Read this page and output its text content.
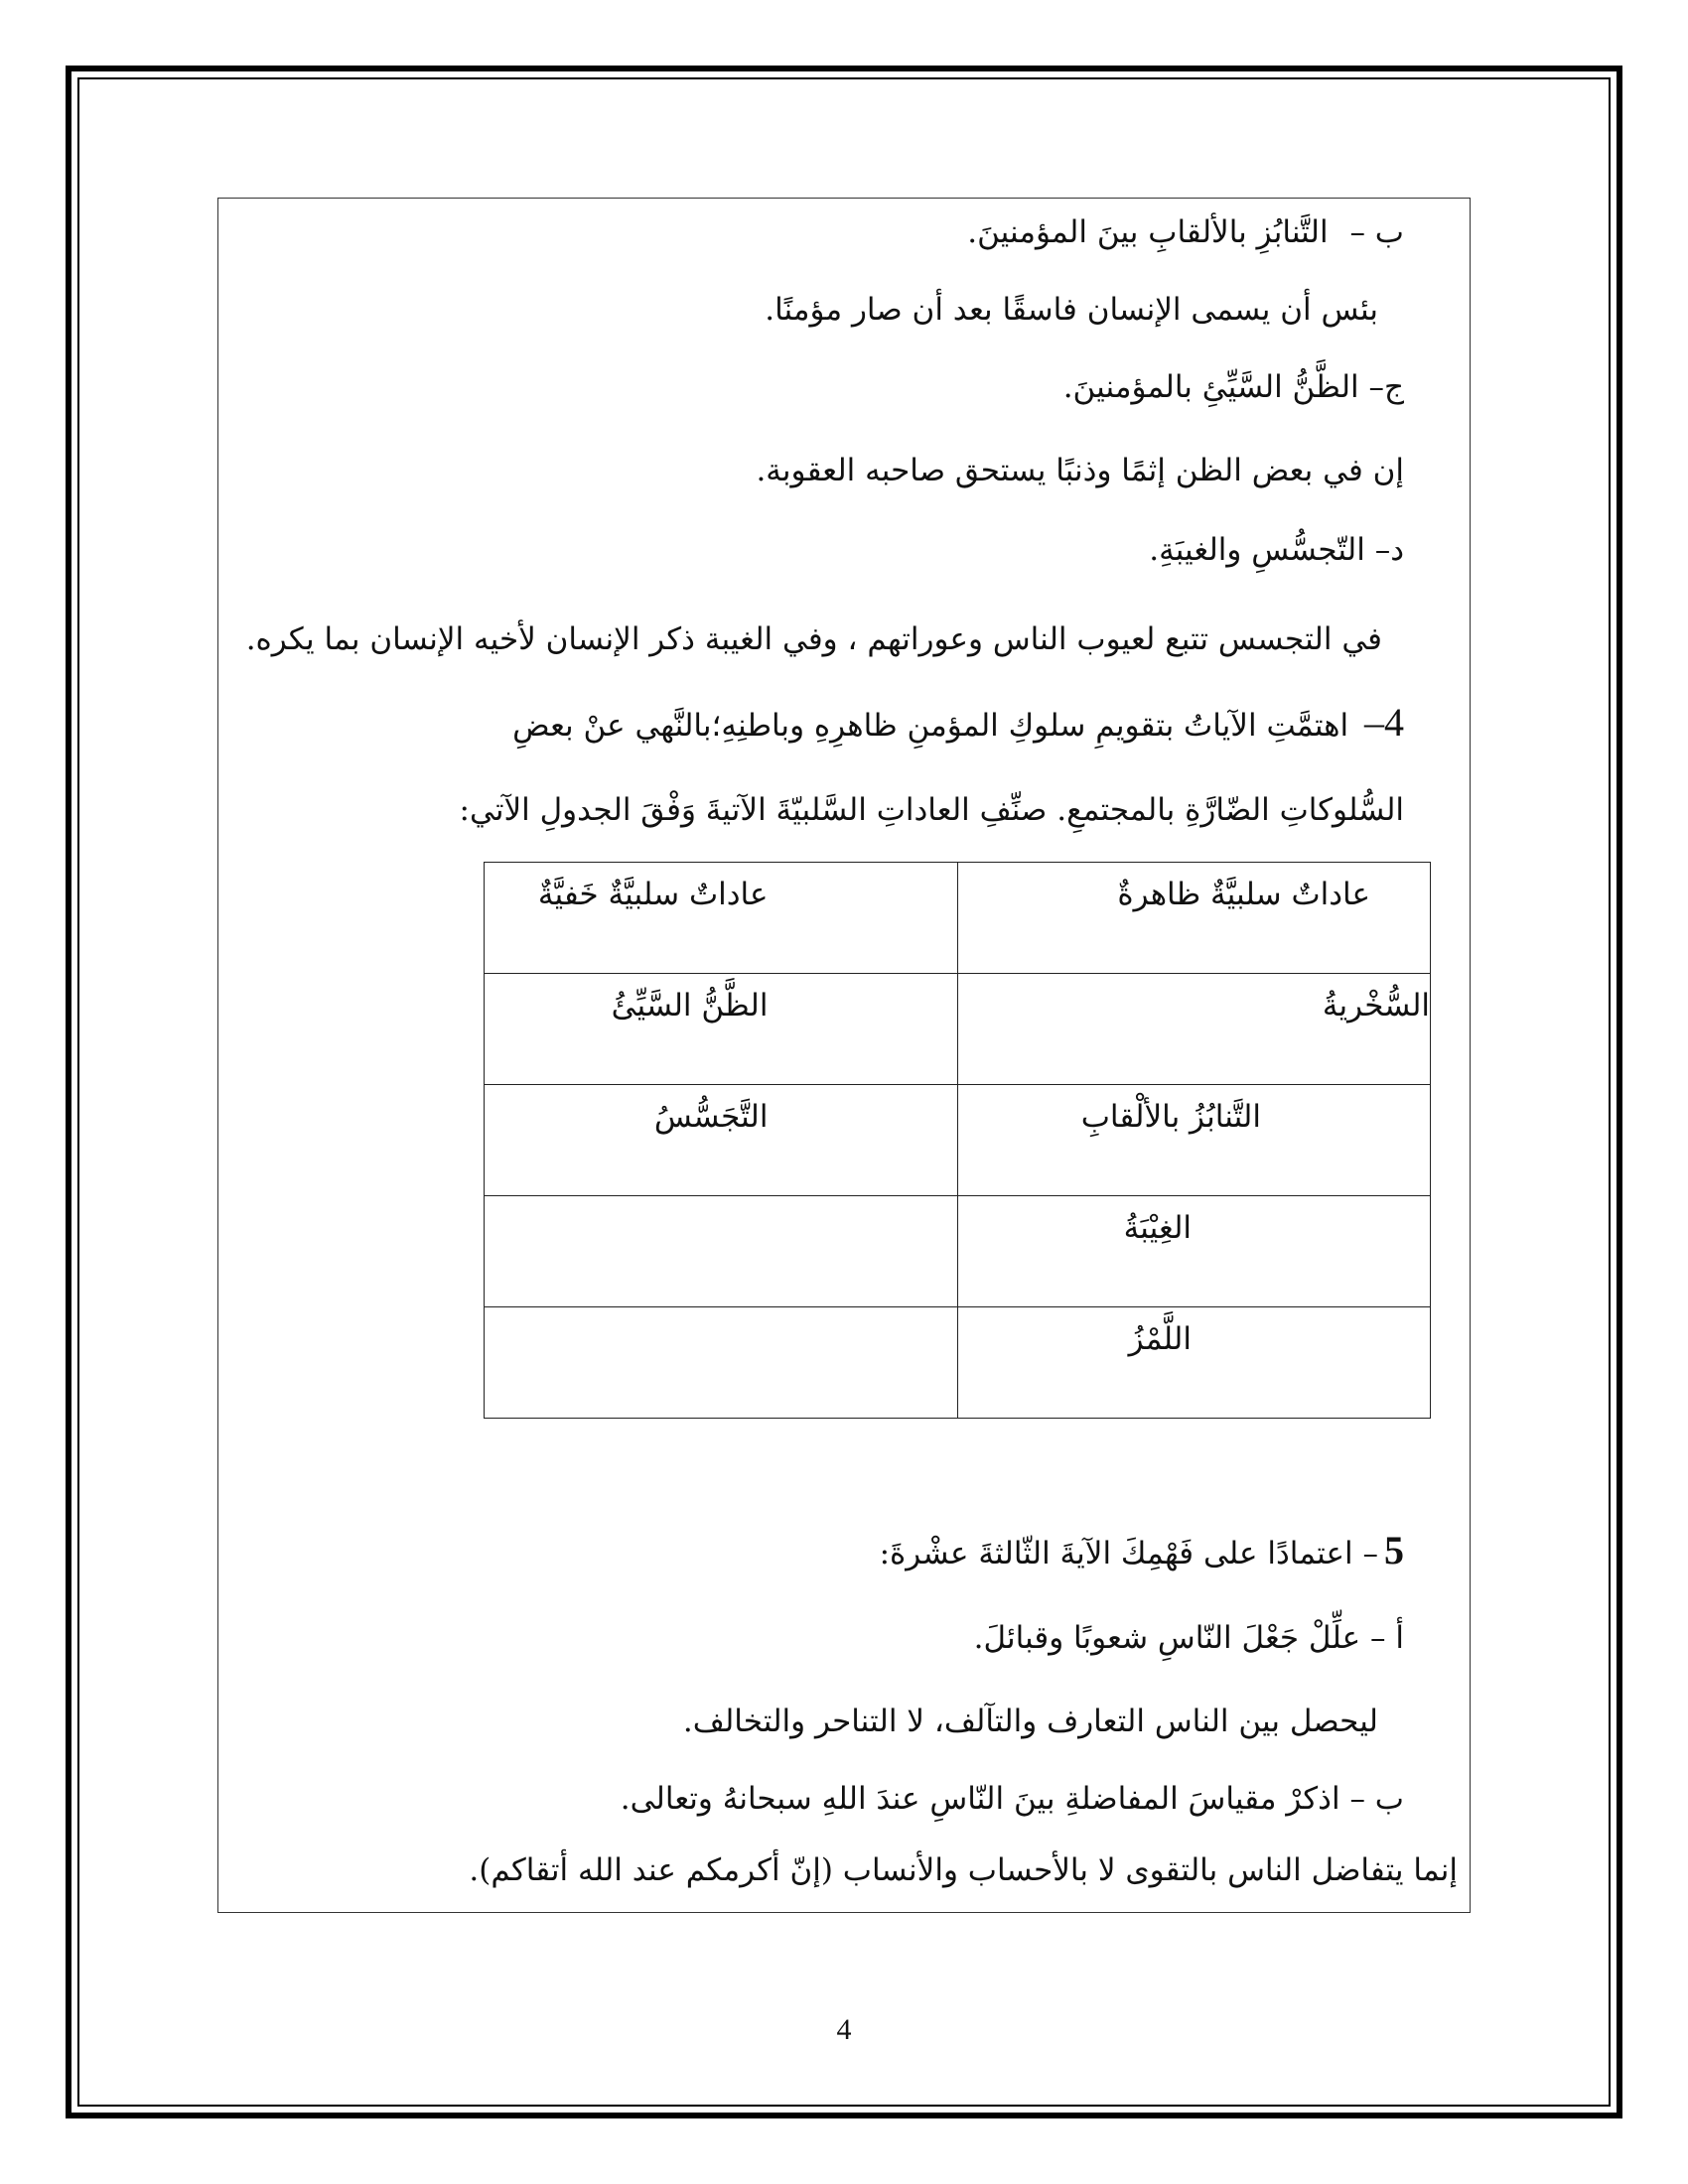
ب – التَّنابُزِ بالألقابِ بينَ المؤمنينَ.
بئس أن يسمى الإنسان فاسقًا بعد أن صار مؤمنًا.
ج– الظَّنُّ السَّيِّئِ بالمؤمنينَ.
إن في بعض الظن إثمًا وذنبًا يستحق صاحبه العقوبة.
د– التّجسُّسِ والغيبَةِ.
في التجسس تتبع لعيوب الناس وعوراتهم ، وفي الغيبة ذكر الإنسان لأخيه الإنسان بما يكره.
4– اهتمَّتِ الآياتُ بتقويمِ سلوكِ المؤمنِ ظاهرِهِ وباطنِهِ؛بالنَّهي عنْ بعضِ
السُّلوكاتِ الضّارَّةِ بالمجتمعِ. صنِّفِ العاداتِ السَّلبيّةَ الآتيةَ وَفْقَ الجدولِ الآتي:
عاداتٌ سلبيَّةٌ ظاهرةٌ	عاداتٌ سلبيَّةٌ خَفيَّةٌ
السُّخْريةُ	الظَّنُّ السَّيِّئُ
التَّنابُزُ بالألْقابِ	التَّجَسُّسُ
الغِيْبَةُ	
اللَّمْزُ	
5– اعتمادًا على فَهْمِكَ الآيةَ الثّالثةَ عشْرةَ:
أ – علِّلْ جَعْلَ النّاسِ شعوبًا وقبائلَ.
ليحصل بين الناس التعارف والتآلف، لا التناحر والتخالف.
ب – اذكرْ مقياسَ المفاضلةِ بينَ النّاسِ عندَ اللهِ سبحانهُ وتعالى.
إنما يتفاضل الناس بالتقوى لا بالأحساب والأنساب (إنّ أكرمكم عند الله أتقاكم).
4
